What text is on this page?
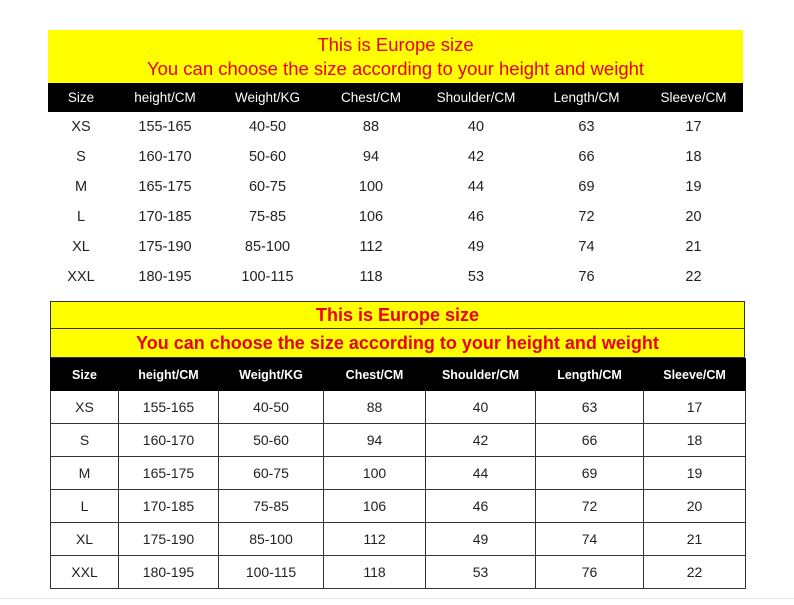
This is Europe size
You can choose the size according to your height and weight
Size	height/CM	Weight/KG	Chest/CM	Shoulder/CM	Length/CM	Sleeve/CM
XS	155-165	40-50	88	40	63	17
S	160-170	50-60	94	42	66	18
M	165-175	60-75	100	44	69	19
L	170-185	75-85	106	46	72	20
XL	175-190	85-100	112	49	74	21
XXL	180-195	100-115	118	53	76	22
This is Europe size
You can choose the size according to your height and weight
Size	height/CM	Weight/KG	Chest/CM	Shoulder/CM	Length/CM	Sleeve/CM
XS	155-165	40-50	88	40	63	17
S	160-170	50-60	94	42	66	18
M	165-175	60-75	100	44	69	19
L	170-185	75-85	106	46	72	20
XL	175-190	85-100	112	49	74	21
XXL	180-195	100-115	118	53	76	22
